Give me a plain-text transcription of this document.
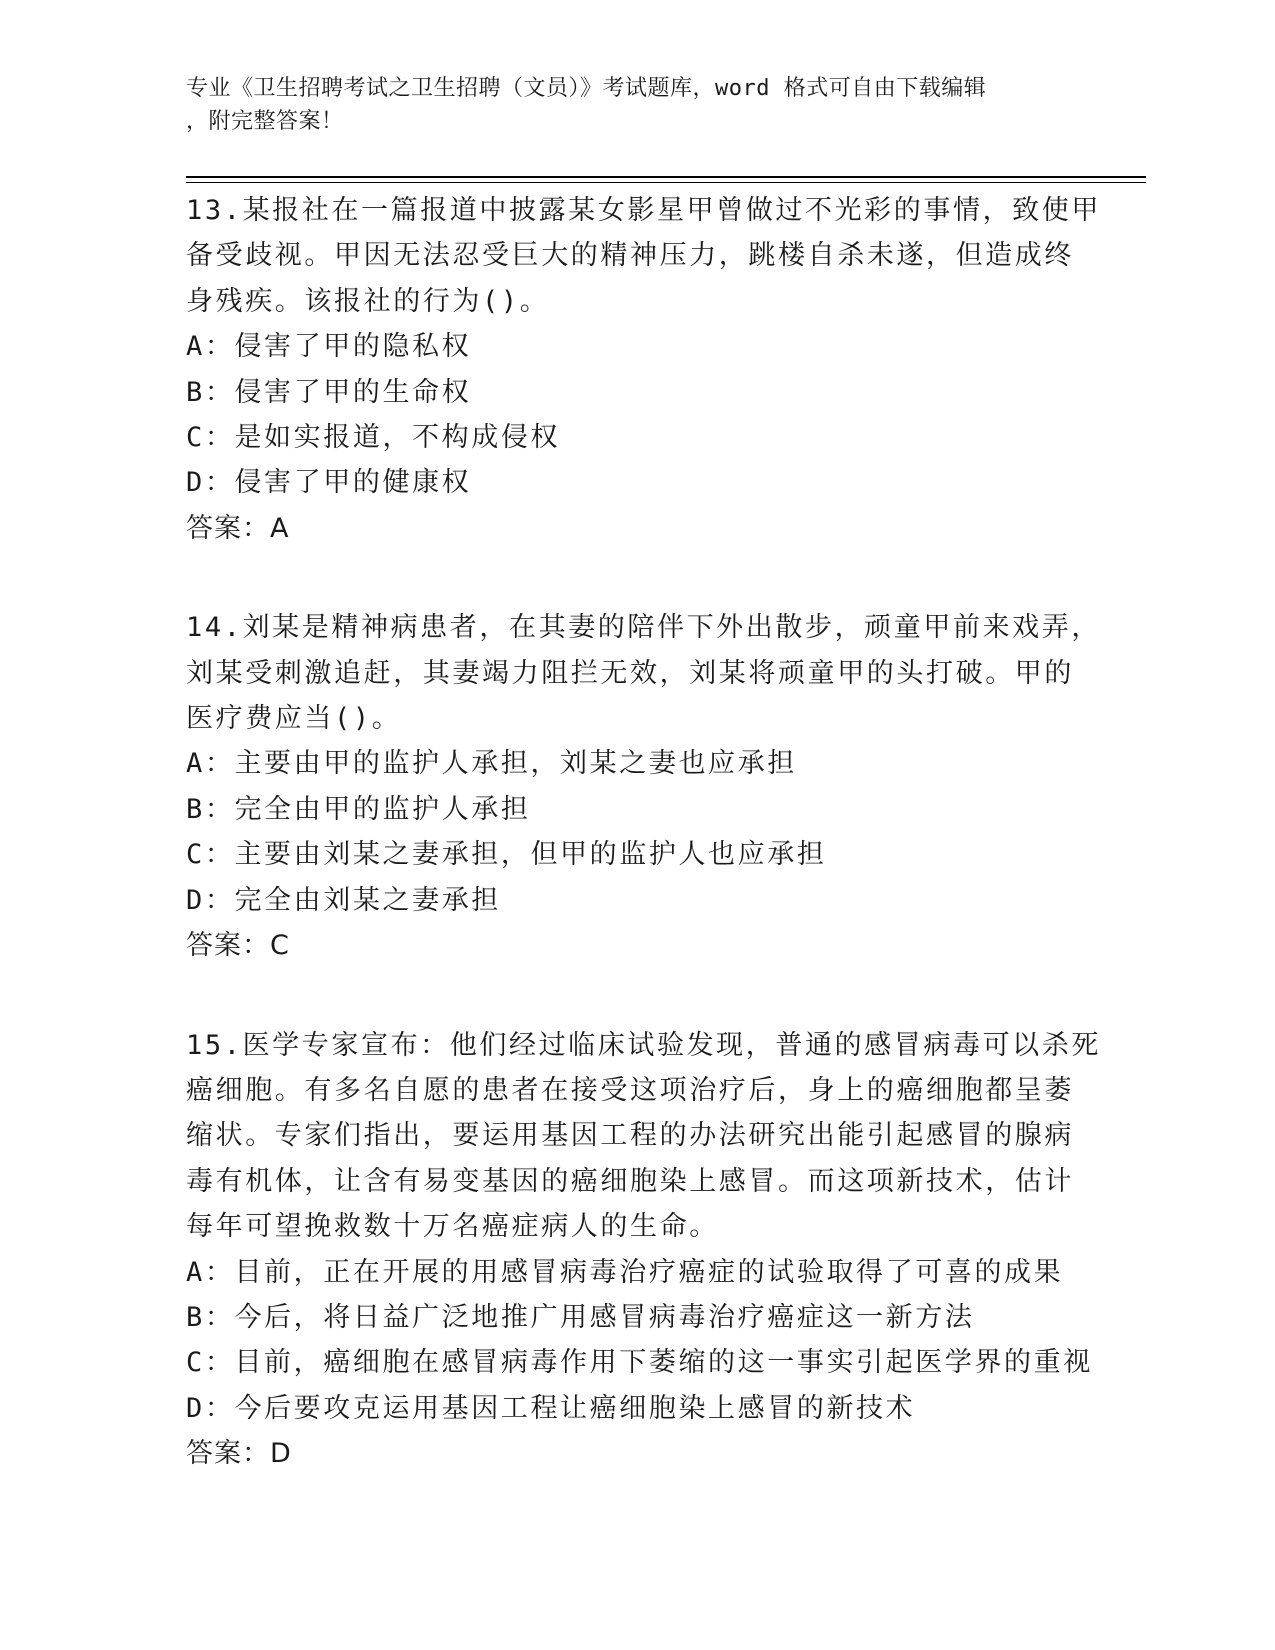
专业《卫生招聘考试之卫生招聘（文员）》考试题库，word 格式可自由下载编辑
，附完整答案！
13.某报社在一篇报道中披露某女影星甲曾做过不光彩的事情，致使甲
备受歧视。甲因无法忍受巨大的精神压力，跳楼自杀未遂，但造成终
身残疾。该报社的行为()。
A：侵害了甲的隐私权
B：侵害了甲的生命权
C：是如实报道，不构成侵权
D：侵害了甲的健康权
答案：A
14.刘某是精神病患者，在其妻的陪伴下外出散步，顽童甲前来戏弄，
刘某受刺激追赶，其妻竭力阻拦无效，刘某将顽童甲的头打破。甲的
医疗费应当()。
A：主要由甲的监护人承担，刘某之妻也应承担
B：完全由甲的监护人承担
C：主要由刘某之妻承担，但甲的监护人也应承担
D：完全由刘某之妻承担
答案：C
15.医学专家宣布：他们经过临床试验发现，普通的感冒病毒可以杀死
癌细胞。有多名自愿的患者在接受这项治疗后，身上的癌细胞都呈萎
缩状。专家们指出，要运用基因工程的办法研究出能引起感冒的腺病
毒有机体，让含有易变基因的癌细胞染上感冒。而这项新技术，估计
每年可望挽救数十万名癌症病人的生命。
A：目前，正在开展的用感冒病毒治疗癌症的试验取得了可喜的成果
B：今后，将日益广泛地推广用感冒病毒治疗癌症这一新方法
C：目前，癌细胞在感冒病毒作用下萎缩的这一事实引起医学界的重视
D：今后要攻克运用基因工程让癌细胞染上感冒的新技术
答案：D
